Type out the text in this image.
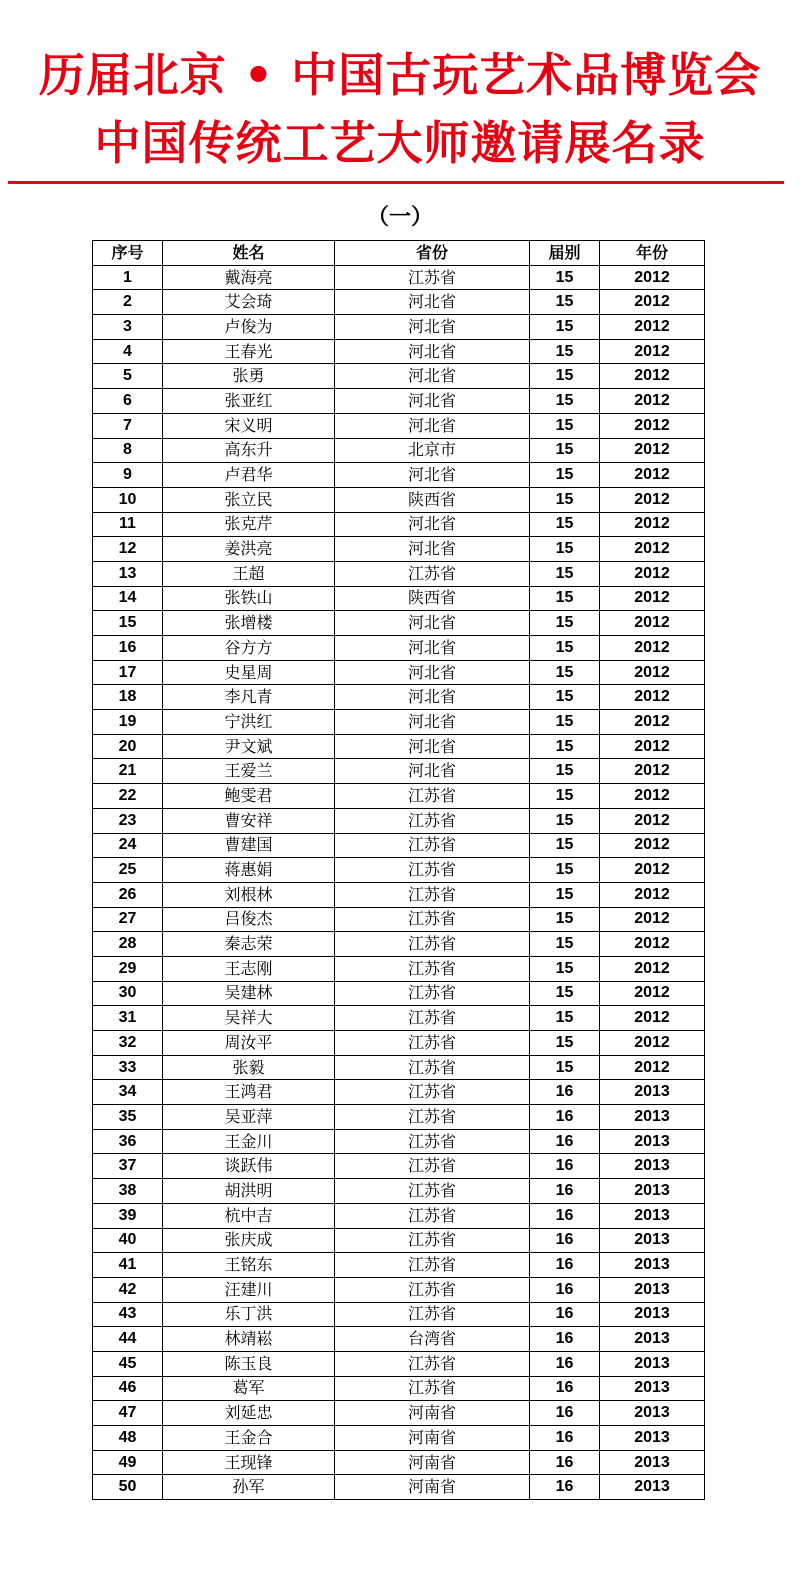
历届北京 • 中国古玩艺术品博览会
中国传统工艺大师邀请展名录
（一）
序号	姓名	省份	届别	年份
1	戴海亮	江苏省	15	2012
2	艾会琦	河北省	15	2012
3	卢俊为	河北省	15	2012
4	王春光	河北省	15	2012
5	张勇	河北省	15	2012
6	张亚红	河北省	15	2012
7	宋义明	河北省	15	2012
8	高东升	北京市	15	2012
9	卢君华	河北省	15	2012
10	张立民	陕西省	15	2012
11	张克芹	河北省	15	2012
12	姜洪亮	河北省	15	2012
13	王超	江苏省	15	2012
14	张铁山	陕西省	15	2012
15	张增楼	河北省	15	2012
16	谷方方	河北省	15	2012
17	史星周	河北省	15	2012
18	李凡青	河北省	15	2012
19	宁洪红	河北省	15	2012
20	尹文斌	河北省	15	2012
21	王爱兰	河北省	15	2012
22	鲍雯君	江苏省	15	2012
23	曹安祥	江苏省	15	2012
24	曹建国	江苏省	15	2012
25	蒋惠娟	江苏省	15	2012
26	刘根林	江苏省	15	2012
27	吕俊杰	江苏省	15	2012
28	秦志荣	江苏省	15	2012
29	王志刚	江苏省	15	2012
30	吴建林	江苏省	15	2012
31	吴祥大	江苏省	15	2012
32	周汝平	江苏省	15	2012
33	张毅	江苏省	15	2012
34	王鸿君	江苏省	16	2013
35	吴亚萍	江苏省	16	2013
36	王金川	江苏省	16	2013
37	谈跃伟	江苏省	16	2013
38	胡洪明	江苏省	16	2013
39	杭中吉	江苏省	16	2013
40	张庆成	江苏省	16	2013
41	王铭东	江苏省	16	2013
42	汪建川	江苏省	16	2013
43	乐丁洪	江苏省	16	2013
44	林靖崧	台湾省	16	2013
45	陈玉良	江苏省	16	2013
46	葛军	江苏省	16	2013
47	刘延忠	河南省	16	2013
48	王金合	河南省	16	2013
49	王现锋	河南省	16	2013
50	孙军	河南省	16	2013
